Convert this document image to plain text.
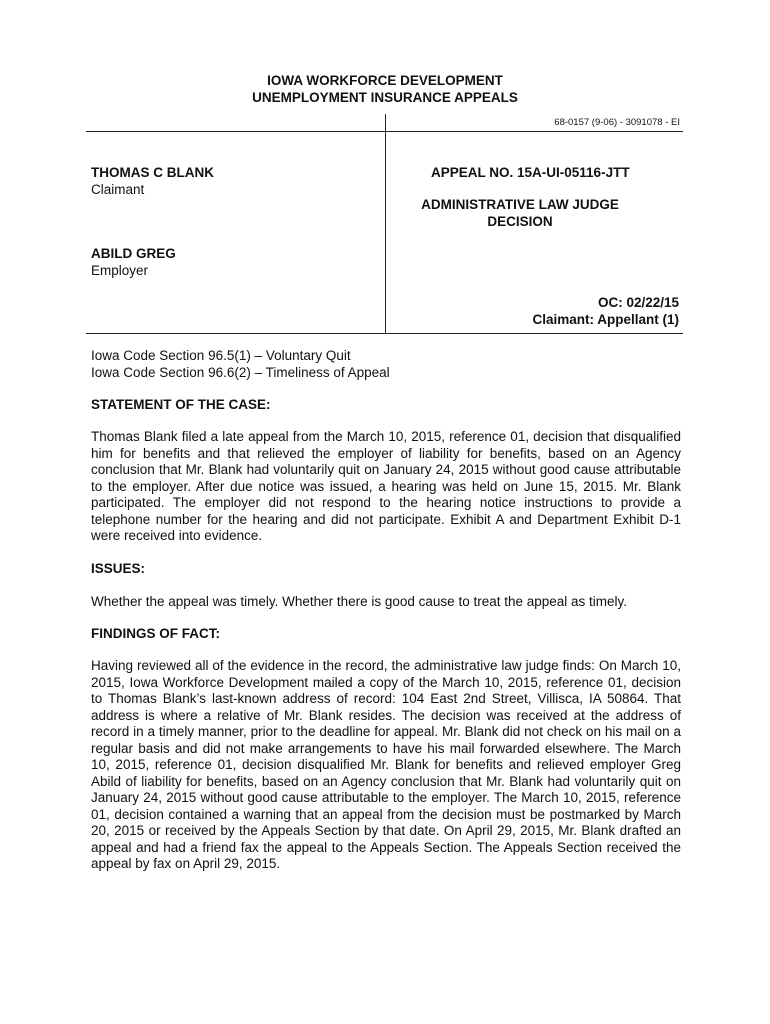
IOWA WORKFORCE DEVELOPMENT
UNEMPLOYMENT INSURANCE APPEALS
68-0157 (9-06) - 3091078 - EI
THOMAS C BLANK
Claimant
ABILD GREG
Employer
APPEAL NO. 15A-UI-05116-JTT
ADMINISTRATIVE LAW JUDGE
DECISION
OC: 02/22/15
Claimant: Appellant (1)
Iowa Code Section 96.5(1) – Voluntary Quit
Iowa Code Section 96.6(2) – Timeliness of Appeal
STATEMENT OF THE CASE:
Thomas Blank filed a late appeal from the March 10, 2015, reference 01, decision that disqualified him for benefits and that relieved the employer of liability for benefits, based on an Agency conclusion that Mr. Blank had voluntarily quit on January 24, 2015 without good cause attributable to the employer. After due notice was issued, a hearing was held on June 15, 2015. Mr. Blank participated. The employer did not respond to the hearing notice instructions to provide a telephone number for the hearing and did not participate. Exhibit A and Department Exhibit D-1 were received into evidence.
ISSUES:
Whether the appeal was timely. Whether there is good cause to treat the appeal as timely.
FINDINGS OF FACT:
Having reviewed all of the evidence in the record, the administrative law judge finds: On March 10, 2015, Iowa Workforce Development mailed a copy of the March 10, 2015, reference 01, decision to Thomas Blank’s last-known address of record: 104 East 2nd Street, Villisca, IA 50864. That address is where a relative of Mr. Blank resides. The decision was received at the address of record in a timely manner, prior to the deadline for appeal. Mr. Blank did not check on his mail on a regular basis and did not make arrangements to have his mail forwarded elsewhere. The March 10, 2015, reference 01, decision disqualified Mr. Blank for benefits and relieved employer Greg Abild of liability for benefits, based on an Agency conclusion that Mr. Blank had voluntarily quit on January 24, 2015 without good cause attributable to the employer. The March 10, 2015, reference 01, decision contained a warning that an appeal from the decision must be postmarked by March 20, 2015 or received by the Appeals Section by that date. On April 29, 2015, Mr. Blank drafted an appeal and had a friend fax the appeal to the Appeals Section. The Appeals Section received the appeal by fax on April 29, 2015.
